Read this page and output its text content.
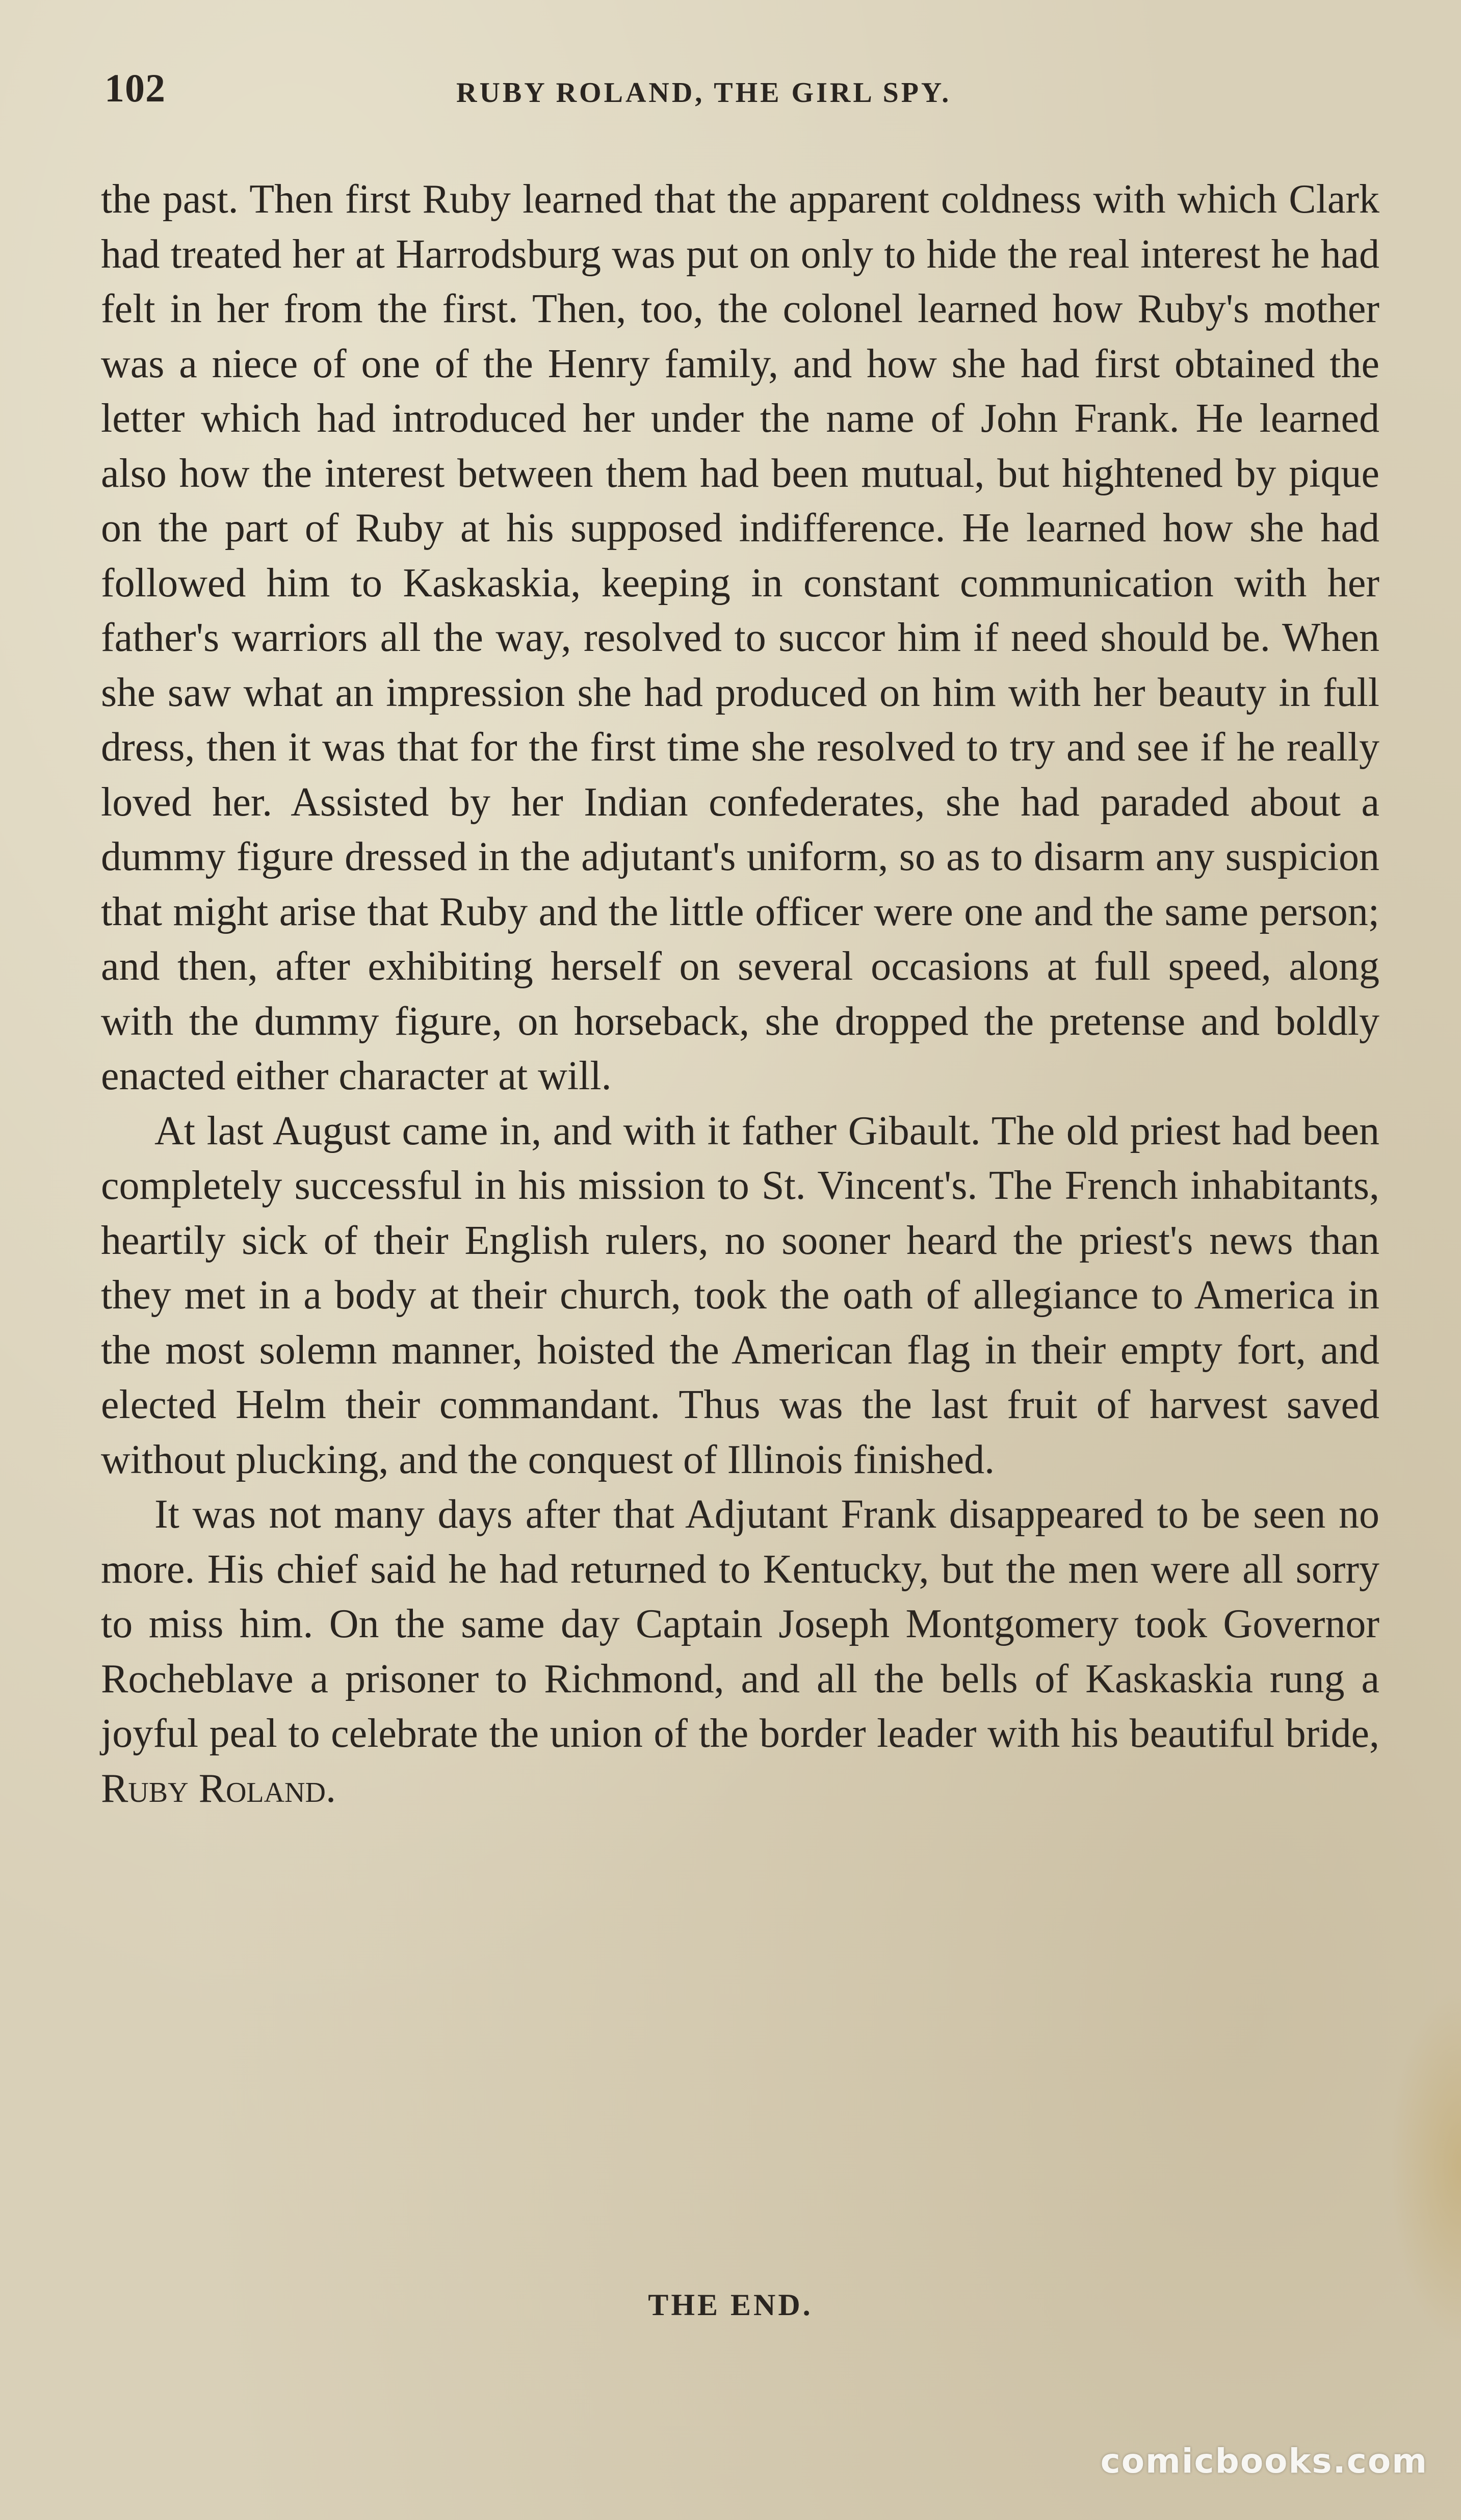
102	RUBY ROLAND, THE GIRL SPY.

the past. Then first Ruby learned that the apparent coldness with which Clark had treated her at Harrodsburg was put on only to hide the real interest he had felt in her from the first. Then, too, the colonel learned how Ruby's mother was a niece of one of the Henry family, and how she had first obtained the letter which had introduced her under the name of John Frank. He learned also how the interest between them had been mutual, but hightened by pique on the part of Ruby at his supposed indifference. He learned how she had followed him to Kaskaskia, keeping in constant communication with her father's warriors all the way, resolved to succor him if need should be. When she saw what an impression she had produced on him with her beauty in full dress, then it was that for the first time she resolved to try and see if he really loved her. Assisted by her Indian confederates, she had paraded about a dummy figure dressed in the adjutant's uniform, so as to disarm any suspicion that might arise that Ruby and the little officer were one and the same person; and then, after exhibiting herself on several occasions at full speed, along with the dummy figure, on horseback, she dropped the pretense and boldly enacted either character at will.

At last August came in, and with it father Gibault. The old priest had been completely successful in his mission to St. Vincent's. The French inhabitants, heartily sick of their English rulers, no sooner heard the priest's news than they met in a body at their church, took the oath of allegiance to America in the most solemn manner, hoisted the American flag in their empty fort, and elected Helm their commandant. Thus was the last fruit of harvest saved without plucking, and the conquest of Illinois finished.

It was not many days after that Adjutant Frank disappeared to be seen no more. His chief said he had returned to Kentucky, but the men were all sorry to miss him. On the same day Captain Joseph Montgomery took Governor Rocheblave a prisoner to Richmond, and all the bells of Kaskaskia rung a joyful peal to celebrate the union of the border leader with his beautiful bride, Ruby Roland.

THE END.
comicbooks.com
